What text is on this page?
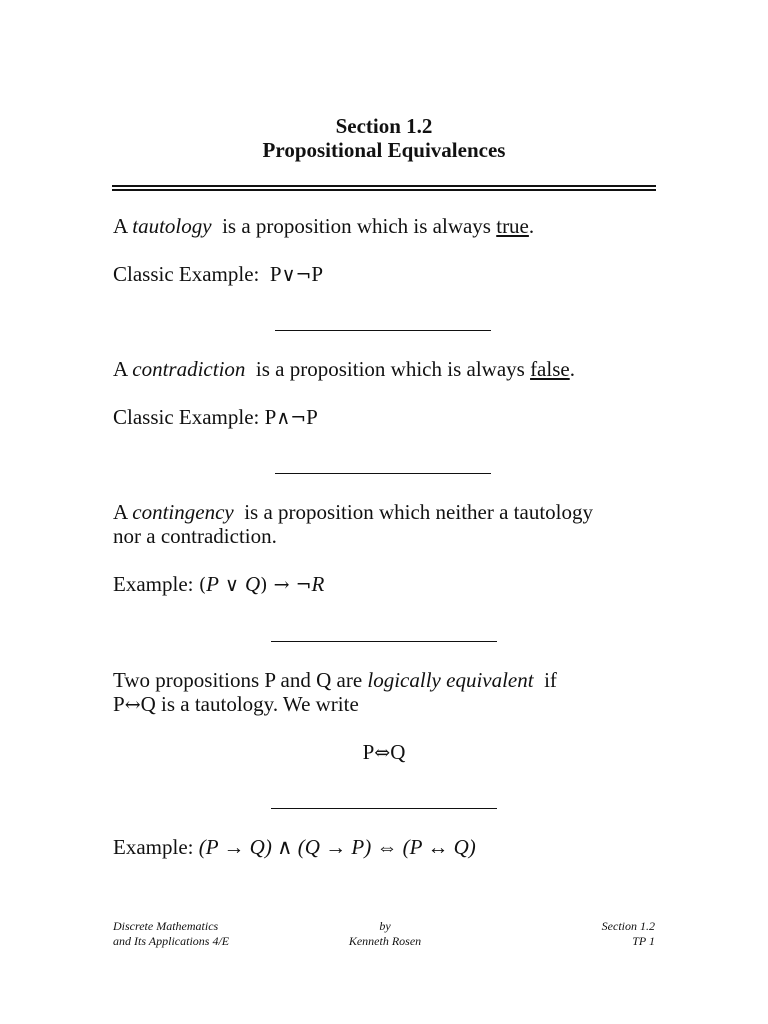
Section 1.2
Propositional Equivalences
A tautology  is a proposition which is always true.
Classic Example:  P∨¬P
A contradiction  is a proposition which is always false.
Classic Example: P∧¬P
A contingency  is a proposition which neither a tautology
nor a contradiction.
Example: (P ∨ Q) → ¬R
Two propositions P and Q are logically equivalent  if
P↔Q is a tautology. We write
P⇔Q
Example: (P → Q) ∧ (Q → P) ⇔ (P ↔ Q)
Discrete Mathematics
and Its Applications 4/E
by
Kenneth Rosen
Section 1.2
TP 1
